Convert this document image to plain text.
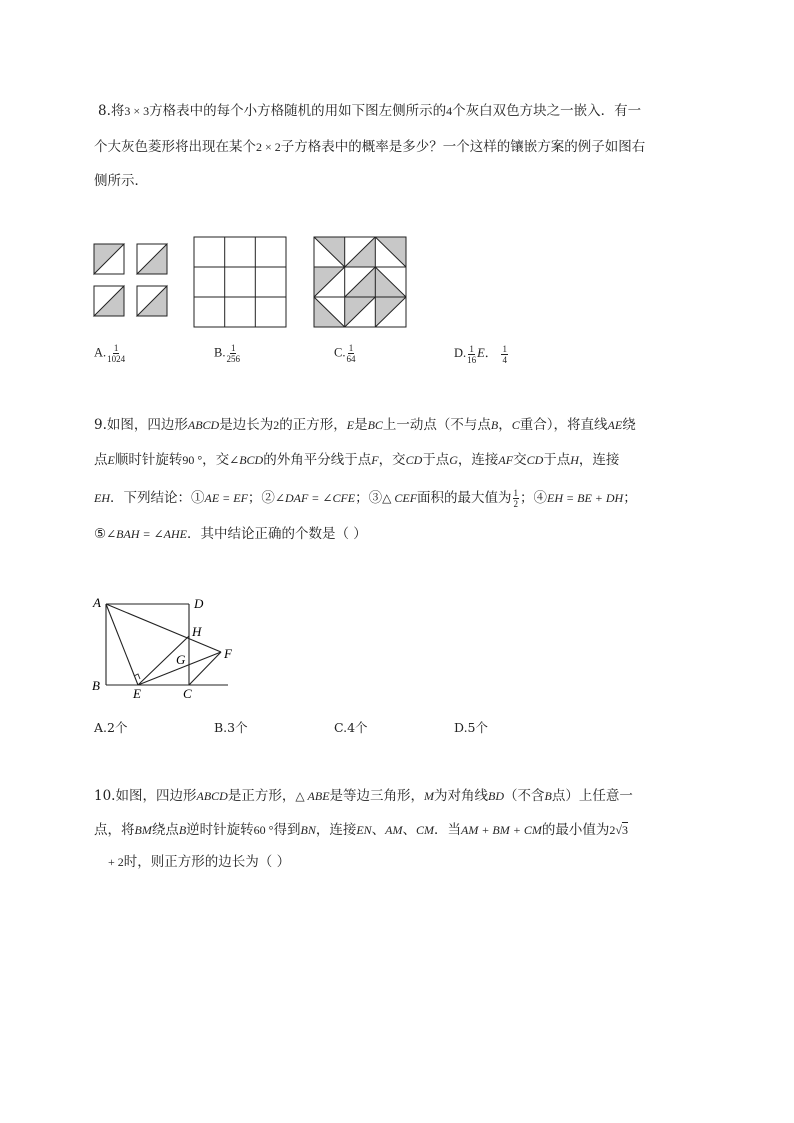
8.将3 × 3方格表中的每个小方格随机的用如下图左侧所示的4个灰白双色方块之一嵌入．有一
个大灰色菱形将出现在某个2 × 2子方格表中的概率是多少？一个这样的镶嵌方案的例子如图右
侧所示．
A. $\frac{1}{1024}$	B. $\frac{1}{256}$	C. $\frac{1}{64}$	D. $\frac{1}{16}$ E． $\frac{1}{4}$
9.如图，四边形ABCD是边长为2的正方形，E是BC上一动点（不与点B，C重合），将直线AE绕
点E顺时针旋转90 °，交∠BCD的外角平分线于点F，交CD于点G，连接AF交CD于点H，连接
EH．下列结论：①AE = EF；②∠DAF = ∠CFE；③△ CEF面积的最大值为 $\frac{1}{2}$ ；④EH = BE + DH；
⑤∠BAH = ∠AHE．其中结论正确的个数是（ ）
A	D
H
G	F
B
E	C
A.2个	B.3个	C.4个	D.5个
10.如图，四边形ABCD是正方形，△ ABE是等边三角形，M为对角线BD（不含B点）上任意一
点，将BM绕点B逆时针旋转60 °得到BN，连接EN、AM、CM．当AM + BM + CM的最小值为2√3
+ 2时，则正方形的边长为（ ）
